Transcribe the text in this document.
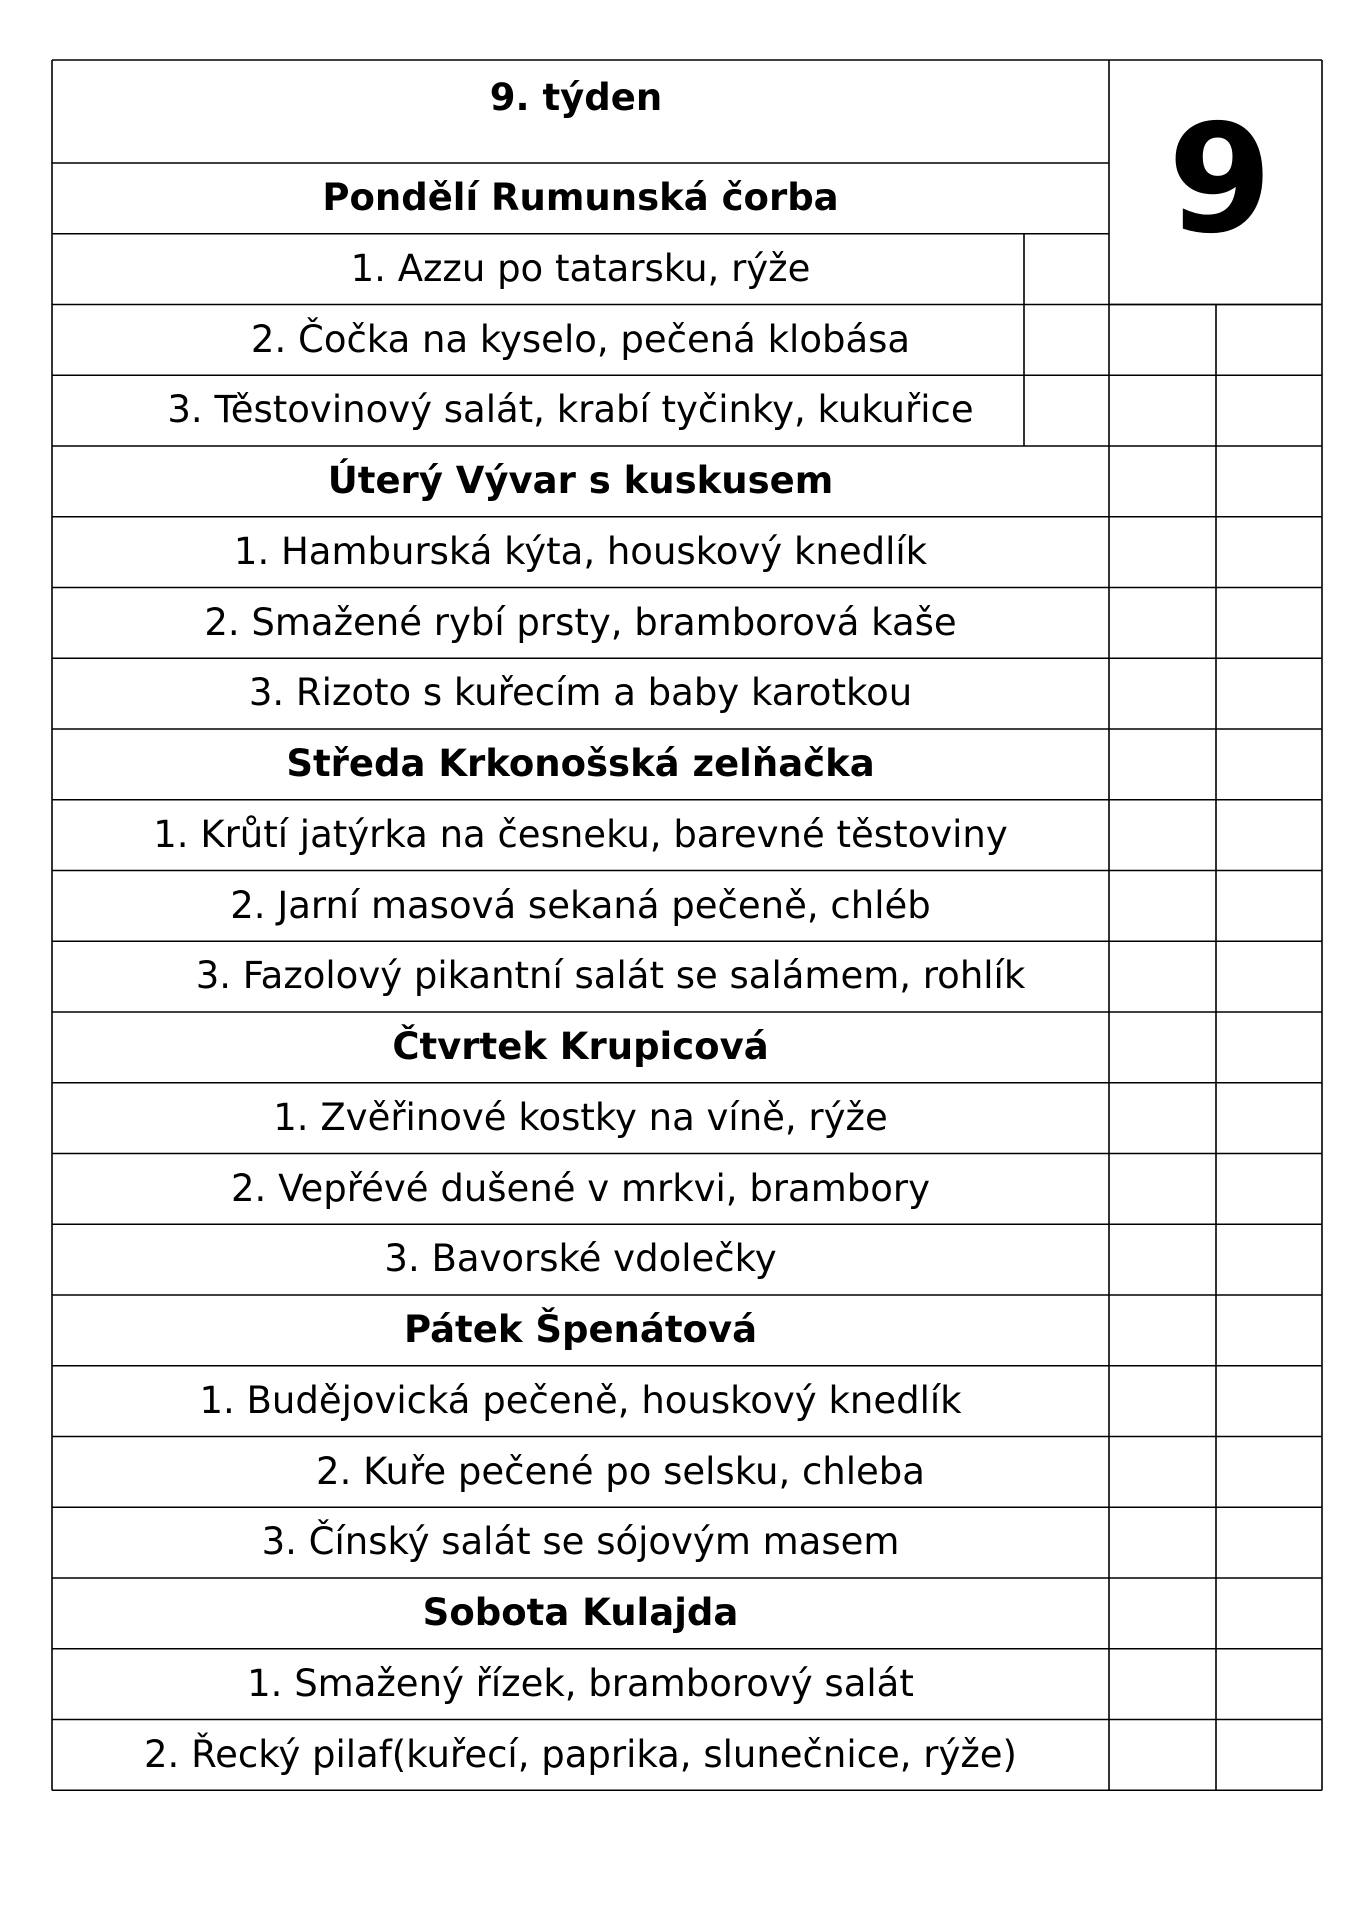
9. týden	9
Pondělí Rumunská čorba
1. Azzu po tatarsku, rýže
2. Čočka na kyselo, pečená klobása
3. Těstovinový salát, krabí tyčinky, kukuřice
Úterý Vývar s kuskusem
1. Hamburská kýta, houskový knedlík
2. Smažené rybí prsty, bramborová kaše
3. Rizoto s kuřecím a baby karotkou
Středa Krkonošská zelňačka
1. Krůtí jatýrka na česneku, barevné těstoviny
2. Jarní masová sekaná pečeně, chléb
3. Fazolový pikantní salát se salámem, rohlík
Čtvrtek Krupicová
1. Zvěřinové kostky na víně, rýže
2. Vepřévé dušené v mrkvi, brambory
3. Bavorské vdolečky
Pátek Špenátová
1. Budějovická pečeně, houskový knedlík
2. Kuře pečené po selsku, chleba
3. Čínský salát se sójovým masem
Sobota Kulajda
1. Smažený řízek, bramborový salát
2. Řecký pilaf(kuřecí, paprika, slunečnice, rýže)
